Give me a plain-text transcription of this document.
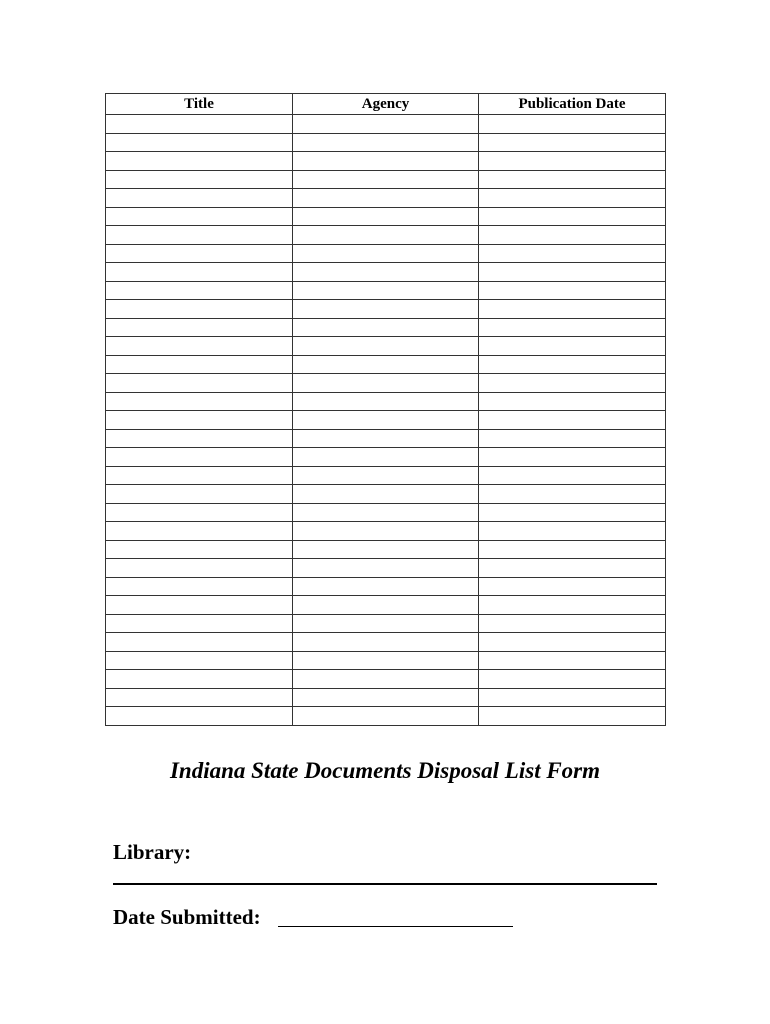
Title	Agency	Publication Date

Indiana State Documents Disposal List Form

Library:

Date Submitted:
